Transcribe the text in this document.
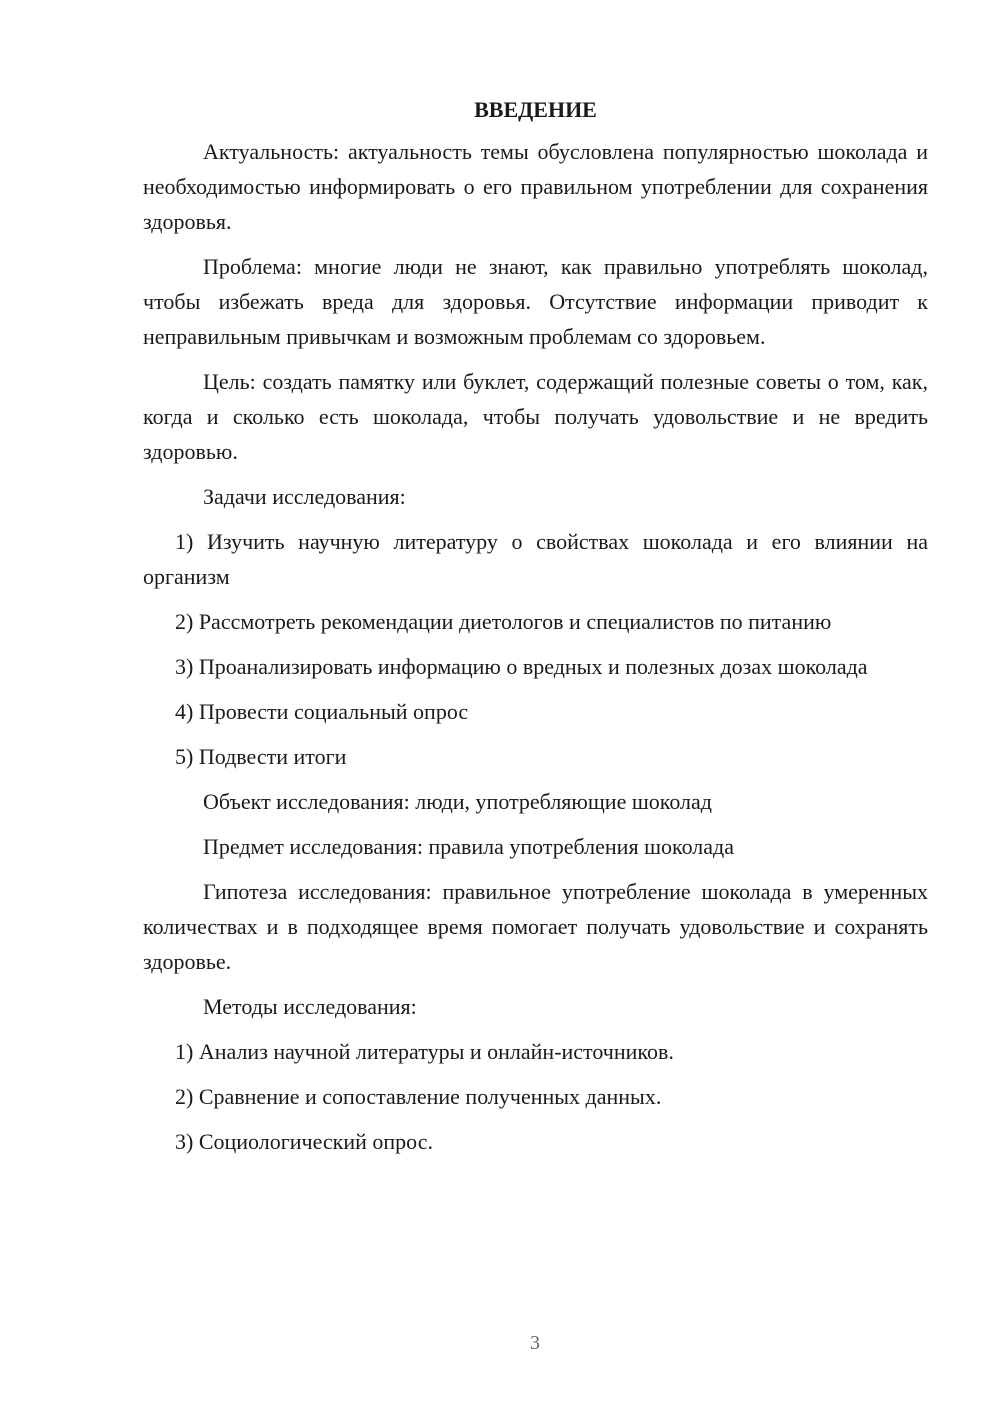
ВВЕДЕНИЕ

Актуальность: актуальность темы обусловлена популярностью шоколада и необходимостью информировать о его правильном употреблении для сохранения здоровья.

Проблема: многие люди не знают, как правильно употреблять шоколад, чтобы избежать вреда для здоровья. Отсутствие информации приводит к неправильным привычкам и возможным проблемам со здоровьем.

Цель: создать памятку или буклет, содержащий полезные советы о том, как, когда и сколько есть шоколада, чтобы получать удовольствие и не вредить здоровью.

Задачи исследования:

1) Изучить научную литературу о свойствах шоколада и его влиянии на организм

2) Рассмотреть рекомендации диетологов и специалистов по питанию

3) Проанализировать информацию о вредных и полезных дозах шоколада

4) Провести социальный опрос

5) Подвести итоги

Объект исследования: люди, употребляющие шоколад

Предмет исследования: правила употребления шоколада

Гипотеза исследования: правильное употребление шоколада в умеренных количествах и в подходящее время помогает получать удовольствие и сохранять здоровье.

Методы исследования:

1) Анализ научной литературы и онлайн-источников.

2) Сравнение и сопоставление полученных данных.

3) Социологический опрос.

3
